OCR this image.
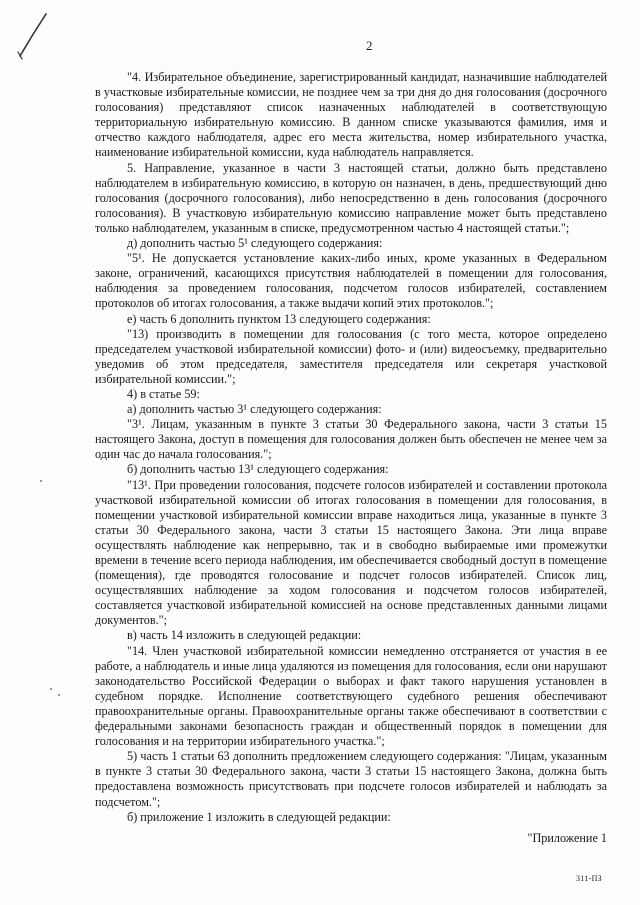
2

"4. Избирательное объединение, зарегистрированный кандидат, назначившие наблюдателей в участковые избирательные комиссии, не позднее чем за три дня до дня голосования (досрочного голосования) представляют список назначенных наблюдателей в соответствующую территориальную избирательную комиссию. В данном списке указываются фамилия, имя и отчество каждого наблюдателя, адрес его места жительства, номер избирательного участка, наименование избирательной комиссии, куда наблюдатель направляется.

5. Направление, указанное в части 3 настоящей статьи, должно быть представлено наблюдателем в избирательную комиссию, в которую он назначен, в день, предшествующий дню голосования (досрочного голосования), либо непосредственно в день голосования (досрочного голосования). В участковую избирательную комиссию направление может быть представлено только наблюдателем, указанным в списке, предусмотренном частью 4 настоящей статьи.";

д) дополнить частью 5¹ следующего содержания:

"5¹. Не допускается установление каких-либо иных, кроме указанных в Федеральном законе, ограничений, касающихся присутствия наблюдателей в помещении для голосования, наблюдения за проведением голосования, подсчетом голосов избирателей, составлением протоколов об итогах голосования, а также выдачи копий этих протоколов.";

е) часть 6 дополнить пунктом 13 следующего содержания:

"13) производить в помещении для голосования (с того места, которое определено председателем участковой избирательной комиссии) фото- и (или) видеосъемку, предварительно уведомив об этом председателя, заместителя председателя или секретаря участковой избирательной комиссии.";

4) в статье 59:

а) дополнить частью 3¹ следующего содержания:

"3¹. Лицам, указанным в пункте 3 статьи 30 Федерального закона, части 3 статьи 15 настоящего Закона, доступ в помещения для голосования должен быть обеспечен не менее чем за один час до начала голосования.";

б) дополнить частью 13¹ следующего содержания:

"13¹. При проведении голосования, подсчете голосов избирателей и составлении протокола участковой избирательной комиссии об итогах голосования в помещении для голосования, в помещении участковой избирательной комиссии вправе находиться лица, указанные в пункте 3 статьи 30 Федерального закона, части 3 статьи 15 настоящего Закона. Эти лица вправе осуществлять наблюдение как непрерывно, так и в свободно выбираемые ими промежутки времени в течение всего периода наблюдения, им обеспечивается свободный доступ в помещение (помещения), где проводятся голосование и подсчет голосов избирателей. Список лиц, осуществлявших наблюдение за ходом голосования и подсчетом голосов избирателей, составляется участковой избирательной комиссией на основе представленных данными лицами документов.";

в) часть 14 изложить в следующей редакции:

"14. Член участковой избирательной комиссии немедленно отстраняется от участия в ее работе, а наблюдатель и иные лица удаляются из помещения для голосования, если они нарушают законодательство Российской Федерации о выборах и факт такого нарушения установлен в судебном порядке. Исполнение соответствующего судебного решения обеспечивают правоохранительные органы. Правоохранительные органы также обеспечивают в соответствии с федеральными законами безопасность граждан и общественный порядок в помещении для голосования и на территории избирательного участка.";

5) часть 1 статьи 63 дополнить предложением следующего содержания: "Лицам, указанным в пункте 3 статьи 30 Федерального закона, части 3 статьи 15 настоящего Закона, должна быть предоставлена возможность присутствовать при подсчете голосов избирателей и наблюдать за подсчетом.";

б) приложение 1 изложить в следующей редакции:

"Приложение 1

311-ПЗ
